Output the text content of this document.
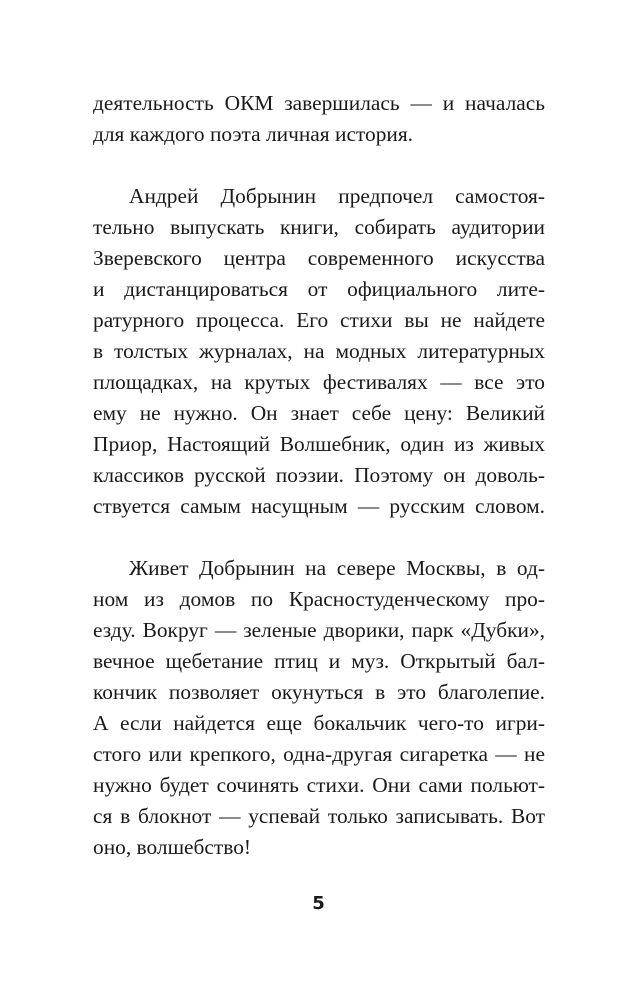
деятельность ОКМ завершилась — и началась
для каждого поэта личная история.

Андрей Добрынин предпочел самостоя-
тельно выпускать книги, собирать аудитории
Зверевского центра современного искусства
и дистанцироваться от официального лите-
ратурного процесса. Его стихи вы не найдете
в толстых журналах, на модных литературных
площадках, на крутых фестивалях — все это
ему не нужно. Он знает себе цену: Великий
Приор, Настоящий Волшебник, один из живых
классиков русской поэзии. Поэтому он доволь-
ствуется самым насущным — русским словом.

Живет Добрынин на севере Москвы, в од-
ном из домов по Красностуденческому про-
езду. Вокруг — зеленые дворики, парк «Дубки»,
вечное щебетание птиц и муз. Открытый бал-
кончик позволяет окунуться в это благолепие.
А если найдется еще бокальчик чего-то игри-
стого или крепкого, одна-другая сигаретка — не
нужно будет сочинять стихи. Они сами польют-
ся в блокнот — успевай только записывать. Вот
оно, волшебство!

5
